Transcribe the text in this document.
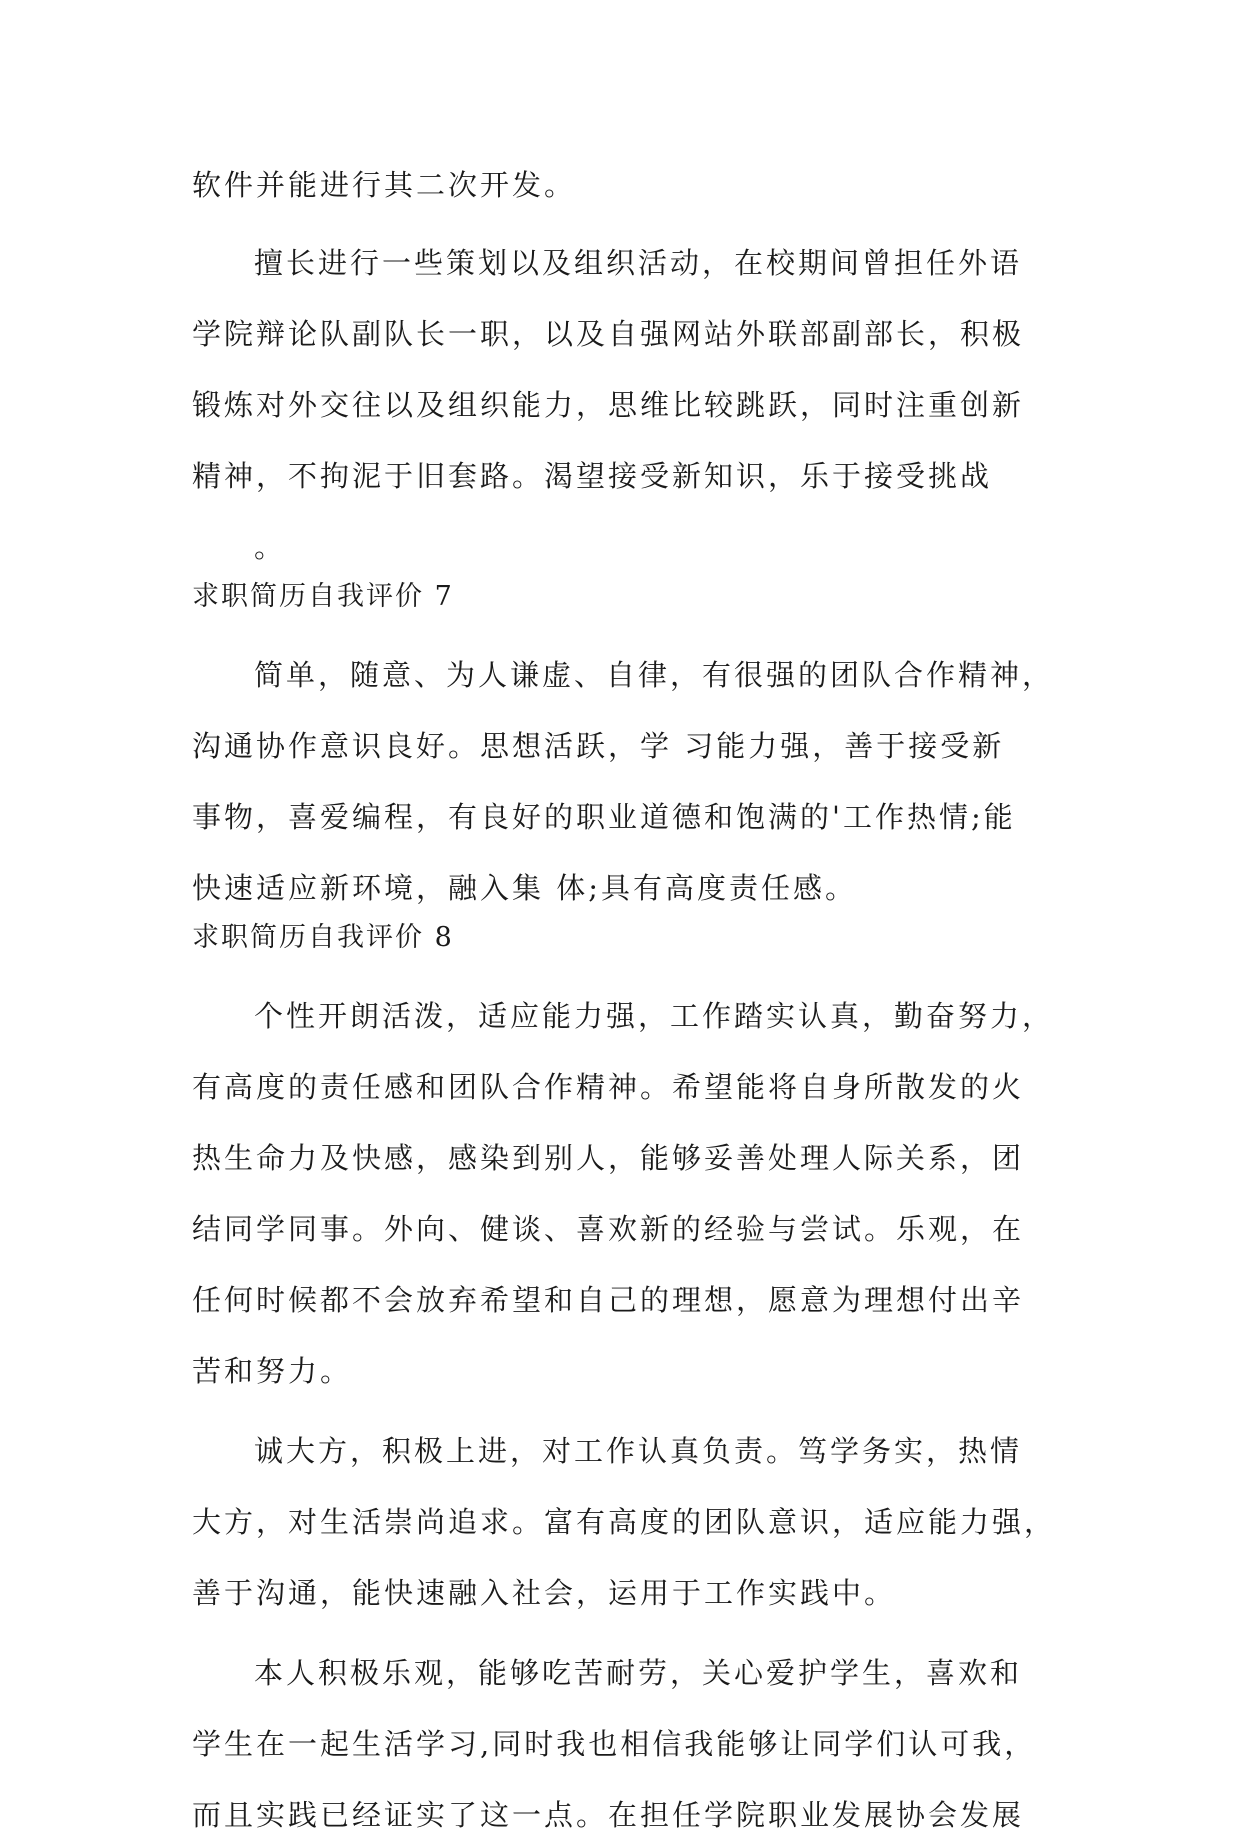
软件并能进行其二次开发。
擅长进行一些策划以及组织活动，在校期间曾担任外语
学院辩论队副队长一职，以及自强网站外联部副部长，积极
锻炼对外交往以及组织能力，思维比较跳跃，同时注重创新
精神，不拘泥于旧套路。渴望接受新知识，乐于接受挑战
。
求职简历自我评价 7
简单，随意、为人谦虚、自律，有很强的团队合作精神，
沟通协作意识良好。思想活跃，学 习能力强，善于接受新
事物，喜爱编程，有良好的职业道德和饱满的'工作热情;能
快速适应新环境，融入集 体;具有高度责任感。
求职简历自我评价 8
个性开朗活泼，适应能力强，工作踏实认真，勤奋努力，
有高度的责任感和团队合作精神。希望能将自身所散发的火
热生命力及快感，感染到别人，能够妥善处理人际关系，团
结同学同事。外向、健谈、喜欢新的经验与尝试。乐观，在
任何时候都不会放弃希望和自己的理想，愿意为理想付出辛
苦和努力。
诚大方，积极上进，对工作认真负责。笃学务实，热情
大方，对生活崇尚追求。富有高度的团队意识，适应能力强，
善于沟通，能快速融入社会，运用于工作实践中。
本人积极乐观，能够吃苦耐劳，关心爱护学生，喜欢和
学生在一起生活学习,同时我也相信我能够让同学们认可我，
而且实践已经证实了这一点。在担任学院职业发展协会发展
